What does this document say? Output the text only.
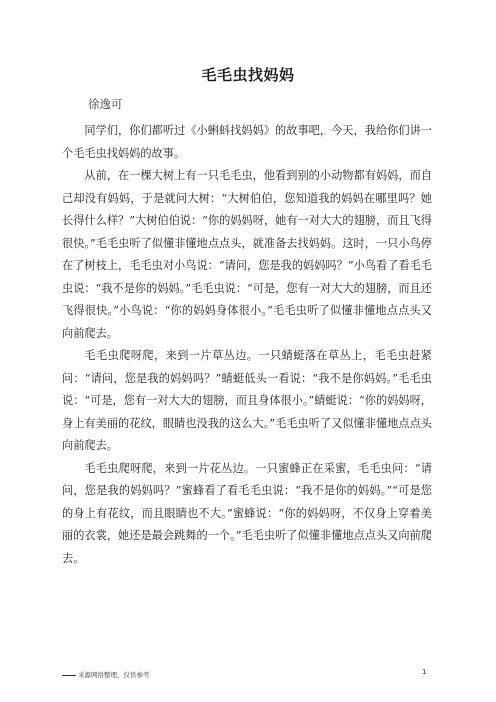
毛毛虫找妈妈
徐逸可

同学们，你们都听过《小蝌蚪找妈妈》的故事吧，今天，我给你们讲一个毛毛虫找妈妈的故事。

从前，在一棵大树上有一只毛毛虫，他看到别的小动物都有妈妈，而自己却没有妈妈，于是就问大树：“大树伯伯，您知道我的妈妈在哪里吗？她长得什么样？”大树伯伯说：“你的妈妈呀，她有一对大大的翅膀，而且飞得很快。”毛毛虫听了似懂非懂地点点头，就准备去找妈妈。这时，一只小鸟停在了树枝上，毛毛虫对小鸟说：“请问，您是我的妈妈吗？”小鸟看了看毛毛虫说：“我不是你的妈妈。”毛毛虫说：“可是，您有一对大大的翅膀，而且还飞得很快。”小鸟说：“你的妈妈身体很小。”毛毛虫听了似懂非懂地点点头又向前爬去。

毛毛虫爬呀爬，来到一片草丛边。一只蜻蜓落在草丛上，毛毛虫赶紧问：“请问，您是我的妈妈吗？”蜻蜓低头一看说：“我不是你妈妈。”毛毛虫说：“可是，您有一对大大的翅膀，而且身体很小。”蜻蜓说：“你的妈妈呀，身上有美丽的花纹，眼睛也没我的这么大。”毛毛虫听了又似懂非懂地点点头向前爬去。

毛毛虫爬呀爬，来到一片花丛边。一只蜜蜂正在采蜜，毛毛虫问：“请问，您是我的妈妈吗？”蜜蜂看了看毛毛虫说：“我不是你的妈妈。”“可是您的身上有花纹，而且眼睛也不大。”蜜蜂说：“你的妈妈呀，不仅身上穿着美丽的衣裳，她还是最会跳舞的一个。”毛毛虫听了似懂非懂地点点头又向前爬去。

来源网络整理，仅供参考	1
